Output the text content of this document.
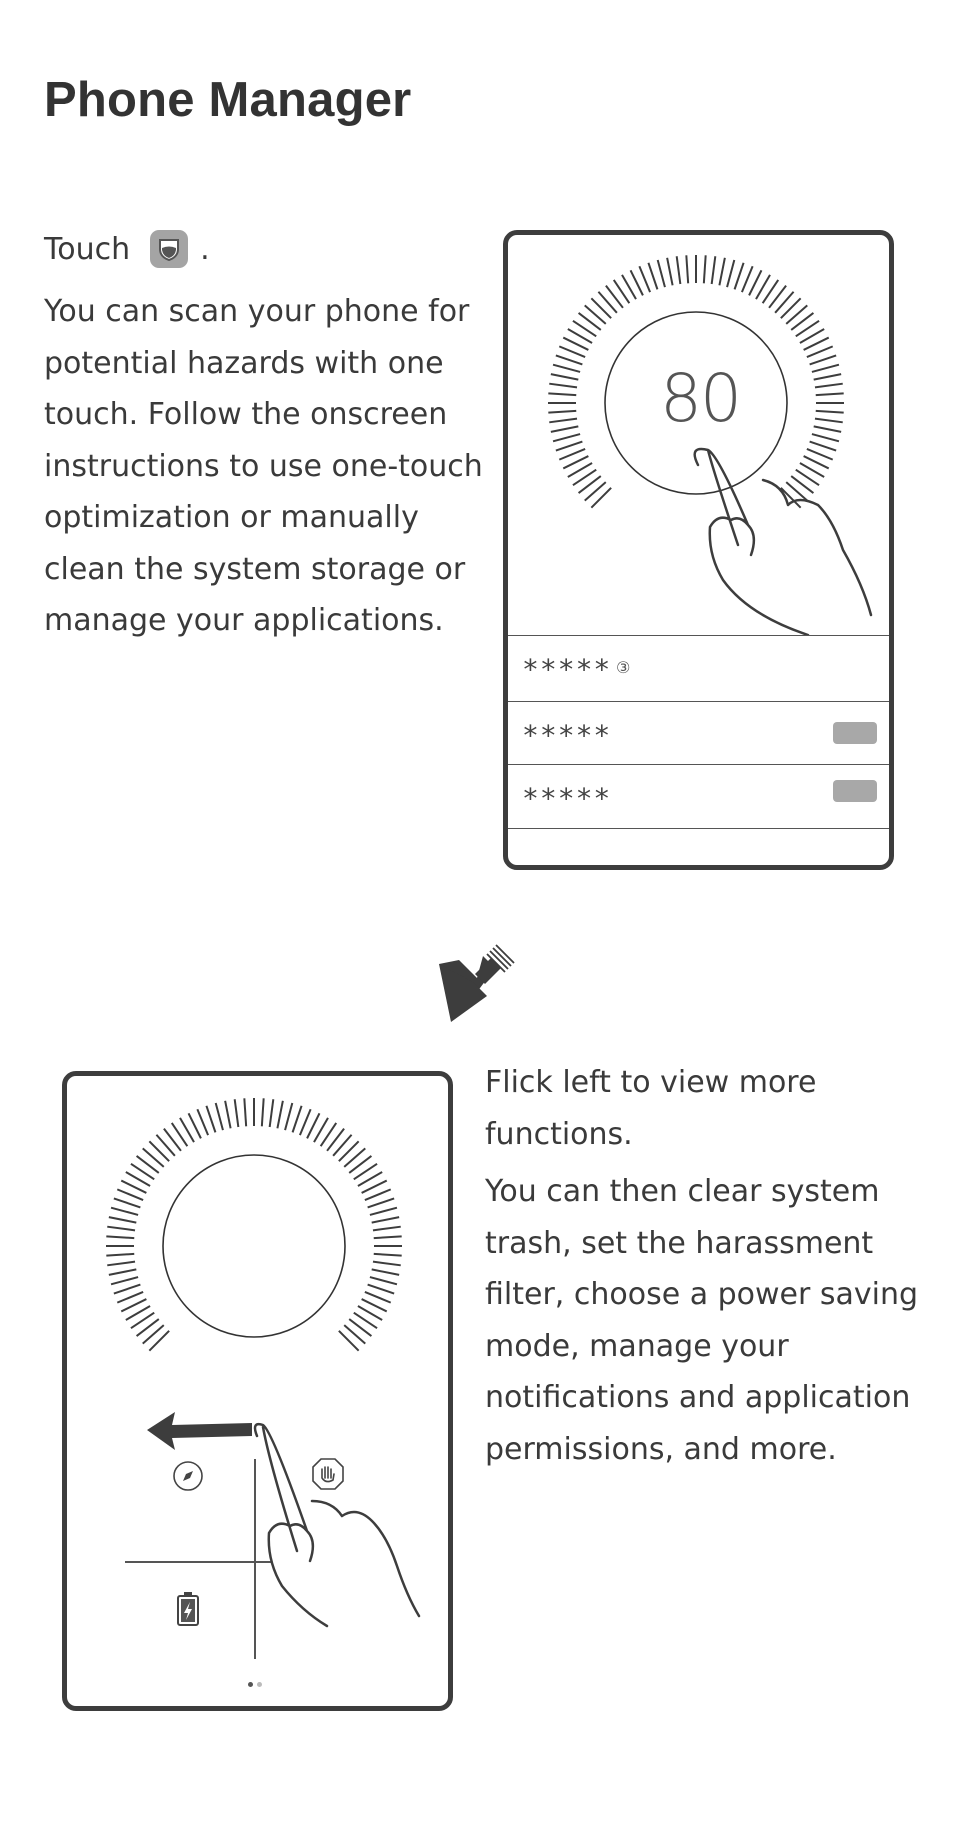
Phone Manager
Touch .
You can scan your phone for
potential hazards with one
touch. Follow the onscreen
instructions to use one-touch
optimization or manually
clean the system storage or
manage your applications.
80
***** ③
*****
*****
Flick left to view more
functions.
You can then clear system
trash, set the harassment
filter, choose a power saving
mode, manage your
notifications and application
permissions, and more.
